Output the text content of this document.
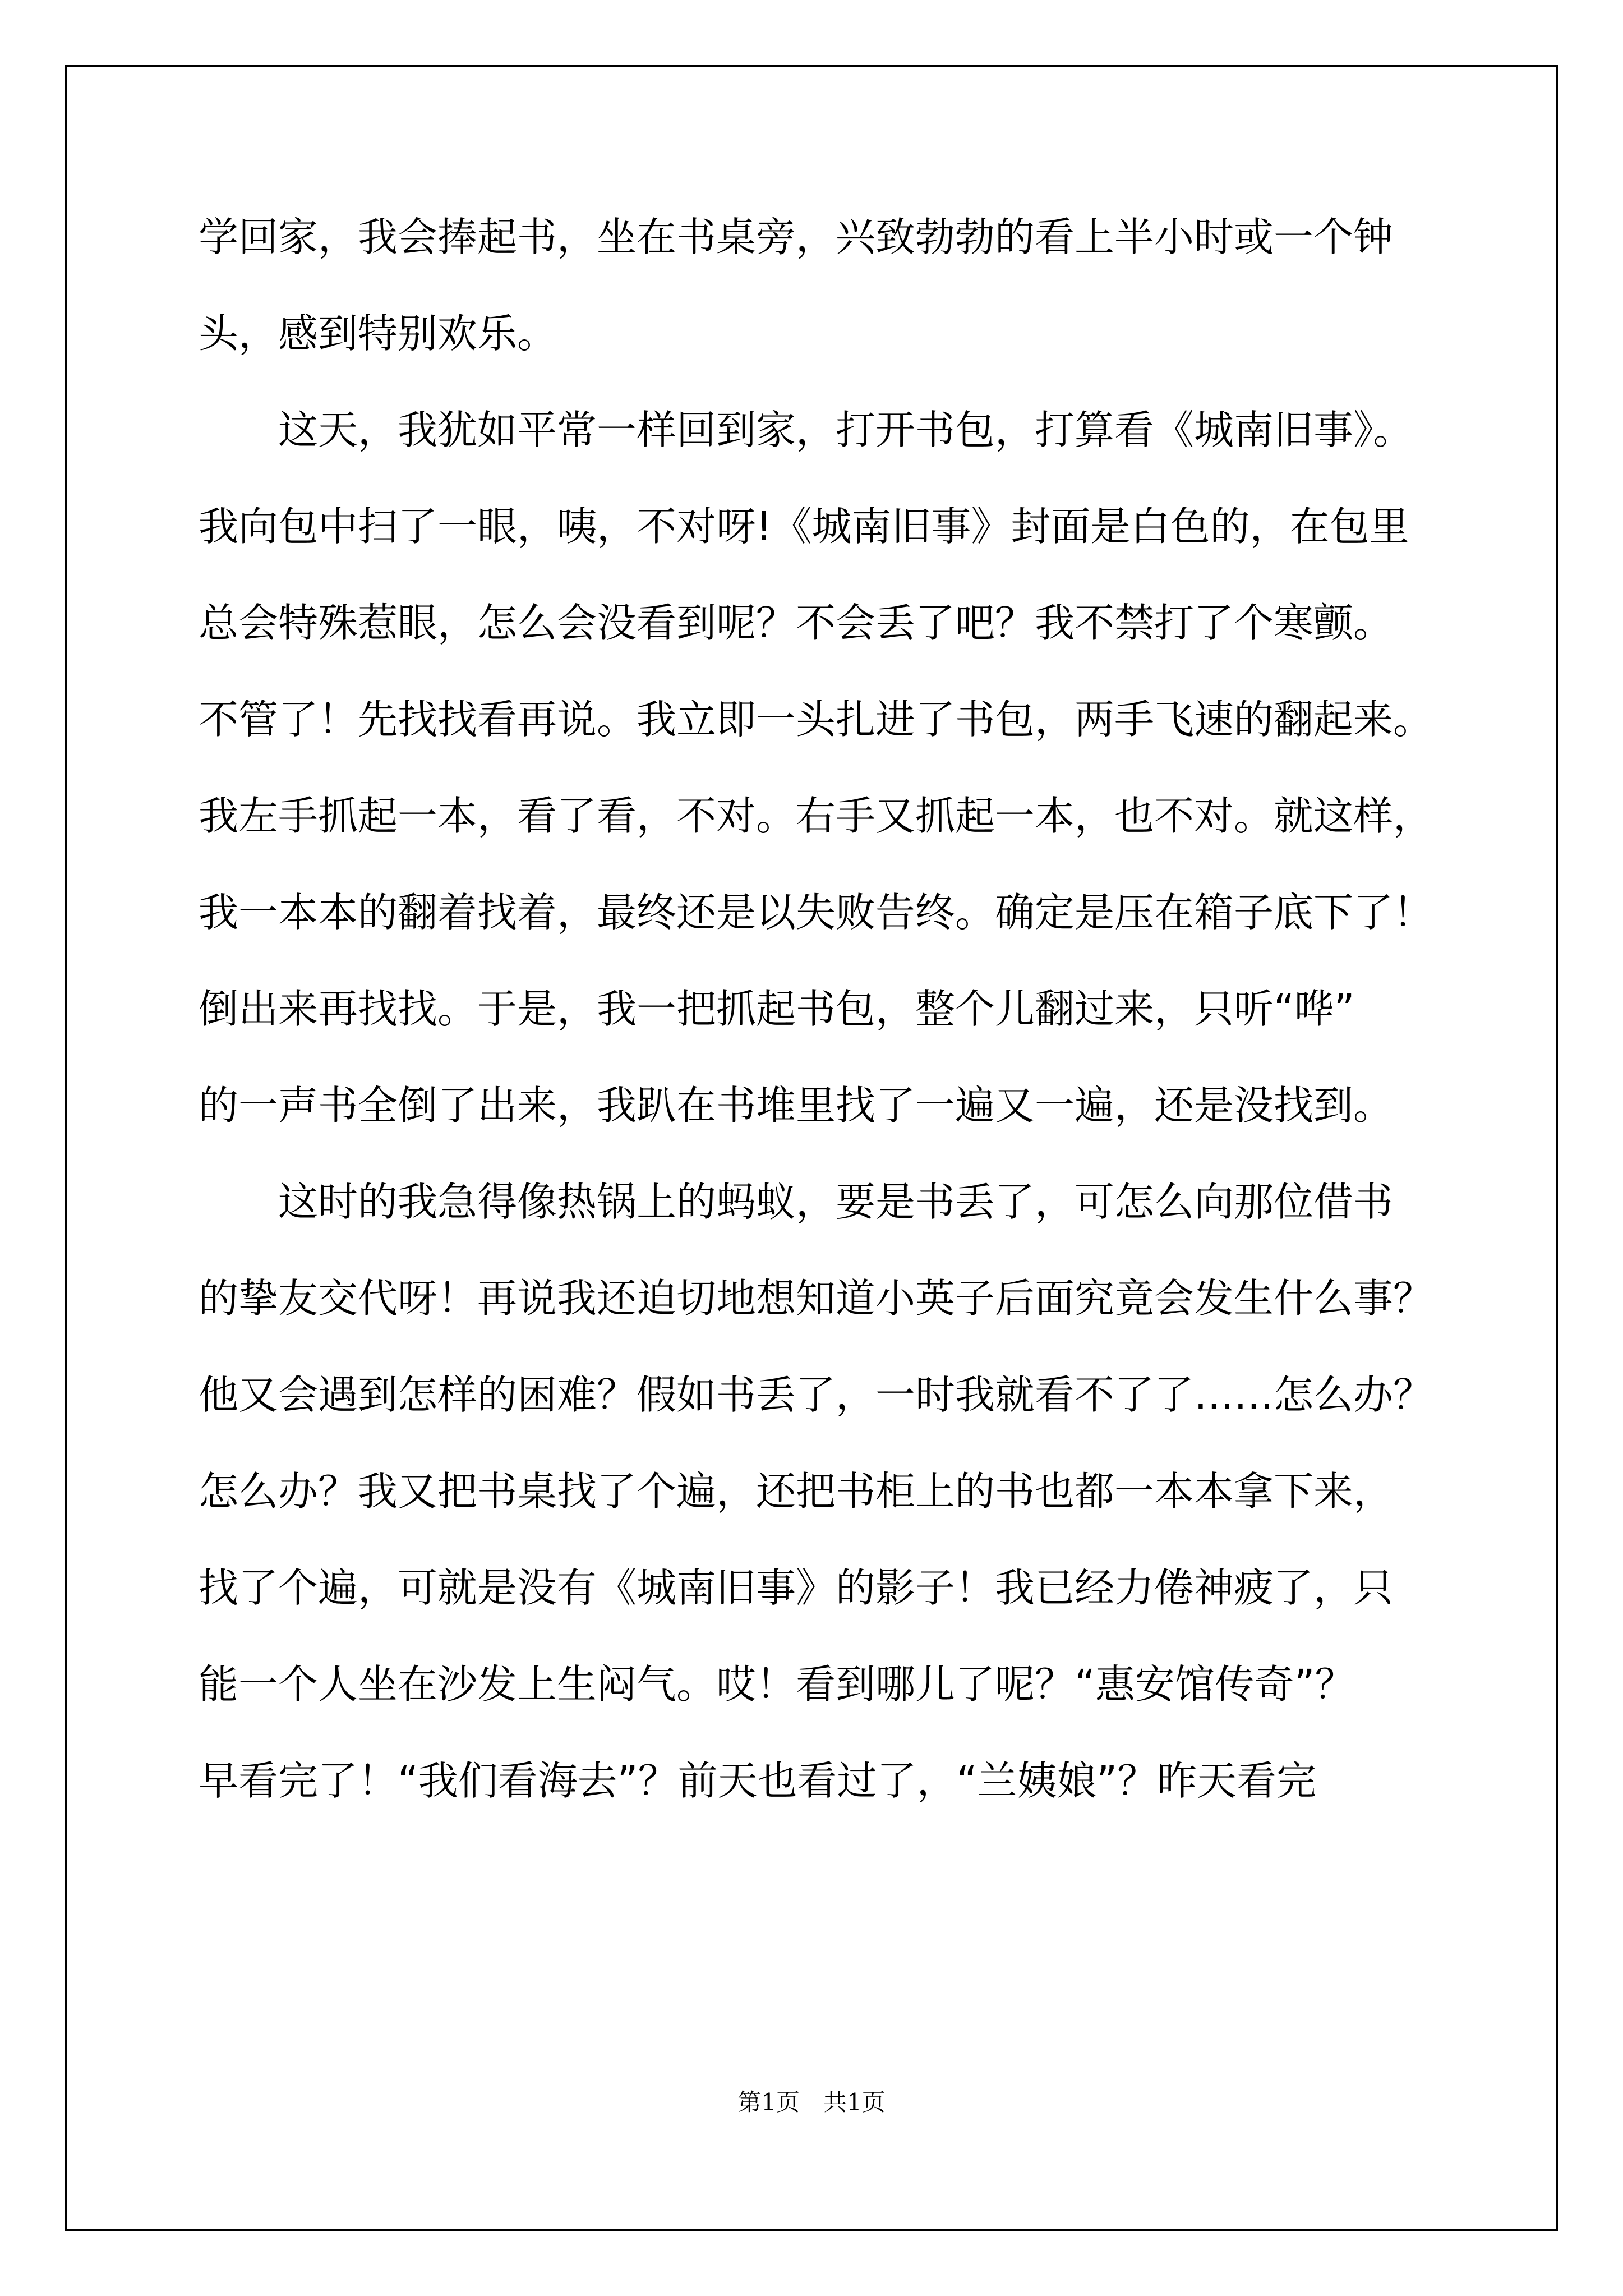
学回家，我会捧起书，坐在书桌旁，兴致勃勃的看上半小时或一个钟

头，感到特别欢乐。

　　这天，我犹如平常一样回到家，打开书包，打算看《城南旧事》。

我向包中扫了一眼，咦，不对呀!《城南旧事》封面是白色的，在包里

总会特殊惹眼，怎么会没看到呢？不会丢了吧？我不禁打了个寒颤。

不管了！先找找看再说。我立即一头扎进了书包，两手飞速的翻起来。

我左手抓起一本，看了看，不对。右手又抓起一本，也不对。就这样，

我一本本的翻着找着，最终还是以失败告终。确定是压在箱子底下了！

倒出来再找找。于是，我一把抓起书包，整个儿翻过来，只听“哗”

的一声书全倒了出来，我趴在书堆里找了一遍又一遍，还是没找到。

　　这时的我急得像热锅上的蚂蚁，要是书丢了，可怎么向那位借书

的挚友交代呀！再说我还迫切地想知道小英子后面究竟会发生什么事？

他又会遇到怎样的困难？假如书丢了，一时我就看不了了……怎么办？

怎么办？我又把书桌找了个遍，还把书柜上的书也都一本本拿下来，

找了个遍，可就是没有《城南旧事》的影子！我已经力倦神疲了，只

能一个人坐在沙发上生闷气。哎！看到哪儿了呢？“惠安馆传奇”？

早看完了！“我们看海去”？前天也看过了，“兰姨娘”？昨天看完

第1页 共1页
